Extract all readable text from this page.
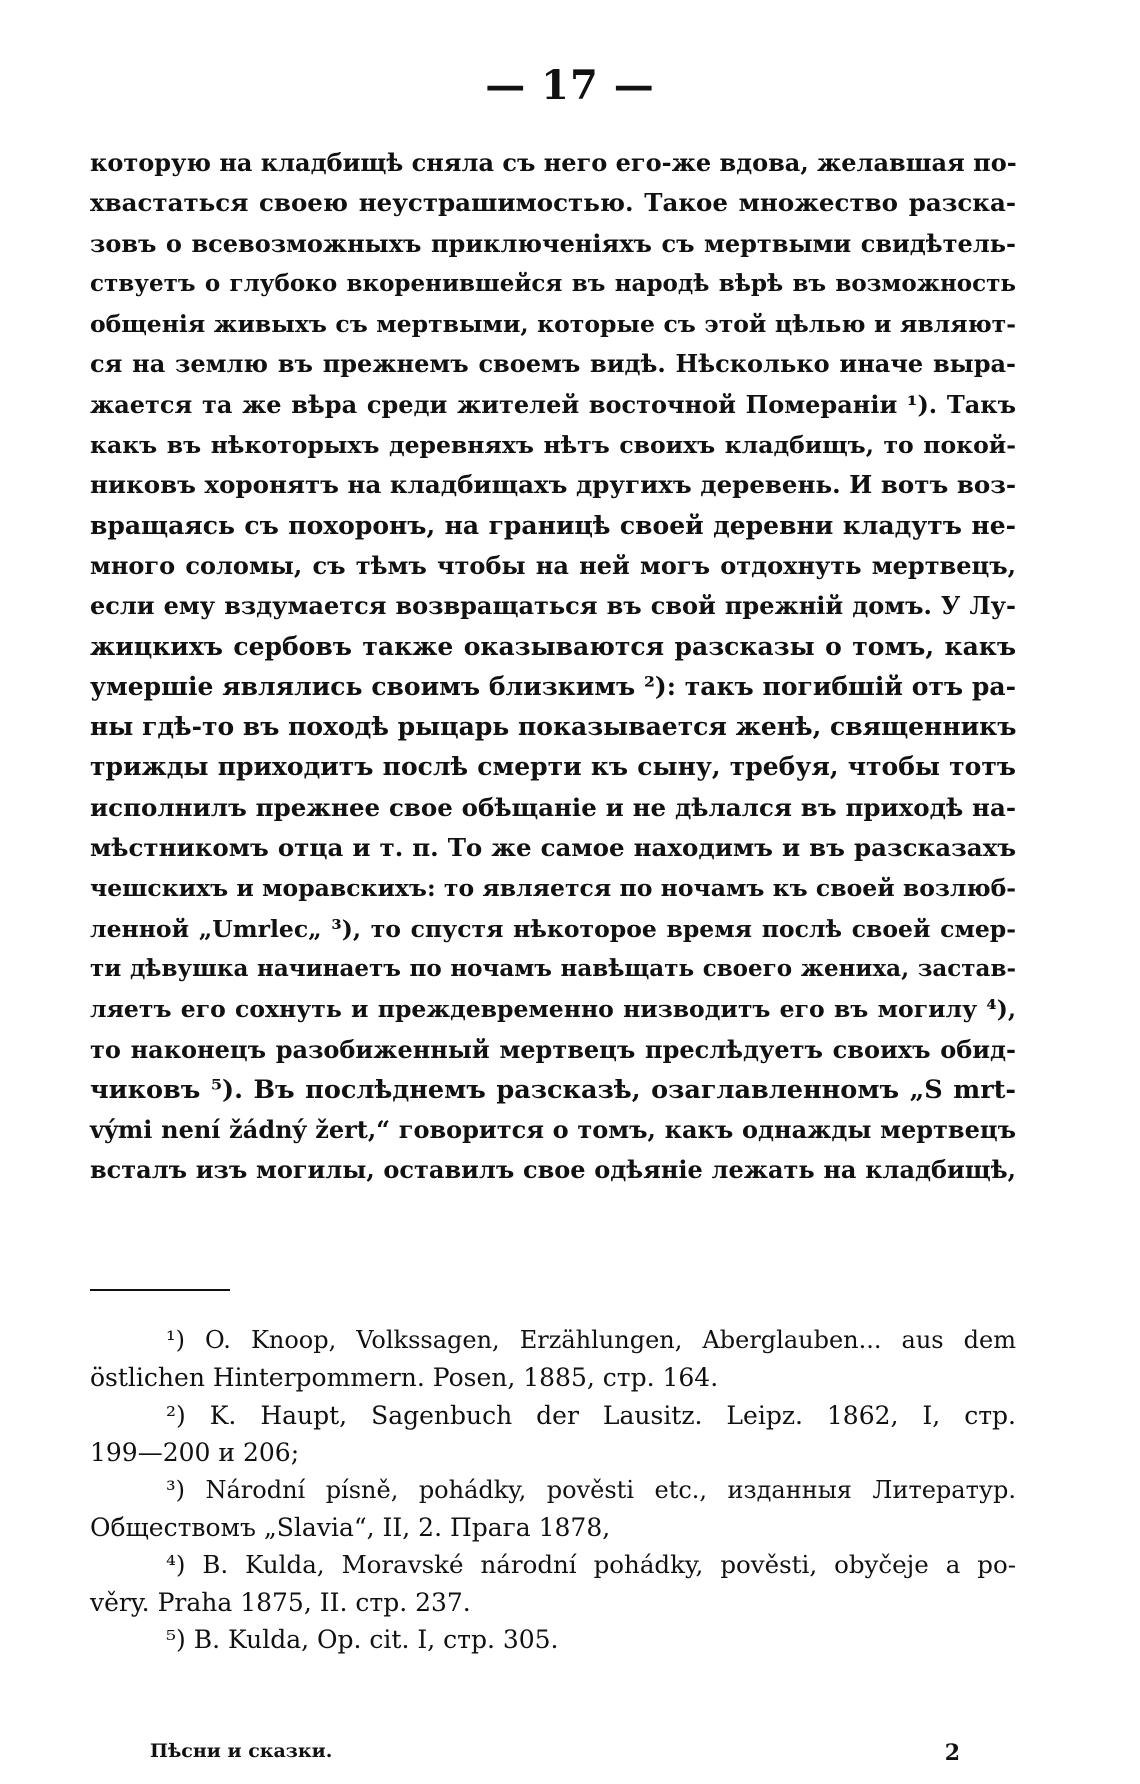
— 17 —
которую на кладбищѣ сняла съ него его-же вдова, желавшая по-
хвастаться своею неустрашимостью. Такое множество разска-
зовъ о всевозможныхъ приключеніяхъ съ мертвыми свидѣтель-
ствуетъ о глубоко вкоренившейся въ народѣ вѣрѣ въ возможность
общенія живыхъ съ мертвыми, которые съ этой цѣлью и являют-
ся на землю въ прежнемъ своемъ видѣ. Нѣсколько иначе выра-
жается та же вѣра среди жителей восточной Помераніи ¹). Такъ
какъ въ нѣкоторыхъ деревняхъ нѣтъ своихъ кладбищъ, то покой-
никовъ хоронятъ на кладбищахъ другихъ деревень. И вотъ воз-
вращаясь съ похоронъ, на границѣ своей деревни кладутъ не-
много соломы, съ тѣмъ чтобы на ней могъ отдохнуть мертвецъ,
если ему вздумается возвращаться въ свой прежній домъ. У Лу-
жицкихъ сербовъ также оказываются разсказы о томъ, какъ
умершіе являлись своимъ близкимъ ²): такъ погибшій отъ ра-
ны гдѣ-то въ походѣ рыцарь показывается женѣ, священникъ
трижды приходитъ послѣ смерти къ сыну, требуя, чтобы тотъ
исполнилъ прежнее свое обѣщаніе и не дѣлался въ приходѣ на-
мѣстникомъ отца и т. п. То же самое находимъ и въ разсказахъ
чешскихъ и моравскихъ: то является по ночамъ къ своей возлюб-
ленной „Umrlec„ ³), то спустя нѣкоторое время послѣ своей смер-
ти дѣвушка начинаетъ по ночамъ навѣщать своего жениха, застав-
ляетъ его сохнуть и преждевременно низводитъ его въ могилу ⁴),
то наконецъ разобиженный мертвецъ преслѣдуетъ своихъ обид-
чиковъ ⁵). Въ послѣднемъ разсказѣ, озаглавленномъ „S mrt-
vými není žádný žert,“ говорится о томъ, какъ однажды мертвецъ
всталъ изъ могилы, оставилъ свое одѣяніе лежать на кладбищѣ,
¹) O. Knoop, Volkssagen, Erzählungen, Aberglauben... aus dem
östlichen Hinterpommern. Posen, 1885, стр. 164.
²) K. Haupt, Sagenbuch der Lausitz. Leipz. 1862, I, стр.
199—200 и 206;
³) Národní písně, pohádky, pověsti etc., изданныя Литератур.
Обществомъ „Slavia“, II, 2. Прага 1878,
⁴) B. Kulda, Moravské národní pohádky, pověsti, obyčeje a po-
věry. Praha 1875, II. стр. 237.
⁵) B. Kulda, Op. cit. I, стр. 305.
Пѣсни и сказки.	2
